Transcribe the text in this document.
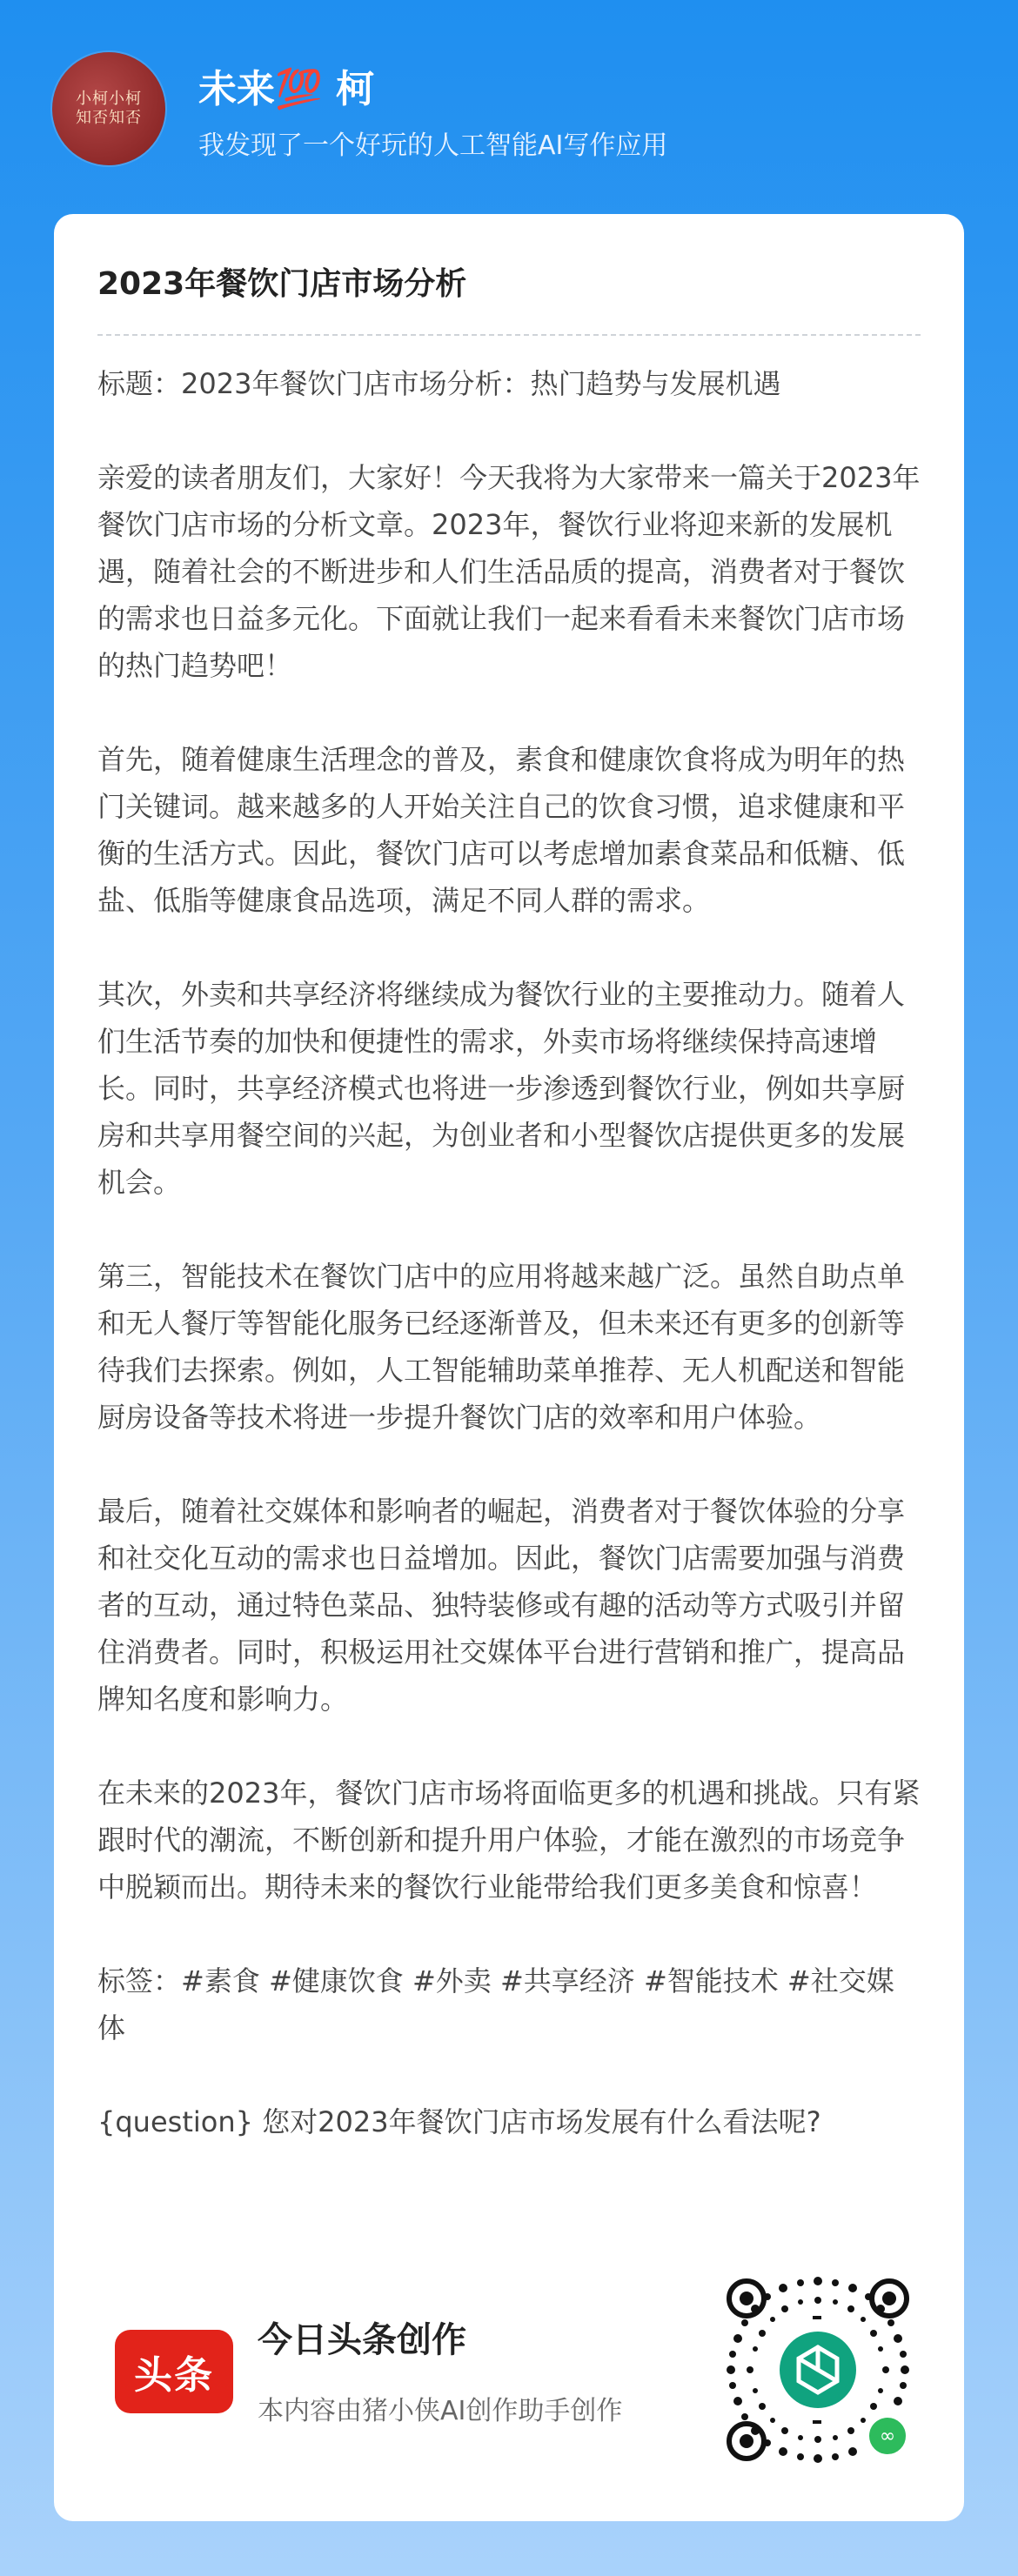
小柯小柯
知否知否
未来💯 柯
我发现了一个好玩的人工智能AI写作应用
2023年餐饮门店市场分析

标题：2023年餐饮门店市场分析：热门趋势与发展机遇

亲爱的读者朋友们，大家好！今天我将为大家带来一篇关于2023年餐饮门店市场的分析文章。2023年，餐饮行业将迎来新的发展机遇，随着社会的不断进步和人们生活品质的提高，消费者对于餐饮的需求也日益多元化。下面就让我们一起来看看未来餐饮门店市场的热门趋势吧！

首先，随着健康生活理念的普及，素食和健康饮食将成为明年的热门关键词。越来越多的人开始关注自己的饮食习惯，追求健康和平衡的生活方式。因此，餐饮门店可以考虑增加素食菜品和低糖、低盐、低脂等健康食品选项，满足不同人群的需求。

其次，外卖和共享经济将继续成为餐饮行业的主要推动力。随着人们生活节奏的加快和便捷性的需求，外卖市场将继续保持高速增长。同时，共享经济模式也将进一步渗透到餐饮行业，例如共享厨房和共享用餐空间的兴起，为创业者和小型餐饮店提供更多的发展机会。

第三，智能技术在餐饮门店中的应用将越来越广泛。虽然自助点单和无人餐厅等智能化服务已经逐渐普及，但未来还有更多的创新等待我们去探索。例如，人工智能辅助菜单推荐、无人机配送和智能厨房设备等技术将进一步提升餐饮门店的效率和用户体验。

最后，随着社交媒体和影响者的崛起，消费者对于餐饮体验的分享和社交化互动的需求也日益增加。因此，餐饮门店需要加强与消费者的互动，通过特色菜品、独特装修或有趣的活动等方式吸引并留住消费者。同时，积极运用社交媒体平台进行营销和推广，提高品牌知名度和影响力。

在未来的2023年，餐饮门店市场将面临更多的机遇和挑战。只有紧跟时代的潮流，不断创新和提升用户体验，才能在激烈的市场竞争中脱颖而出。期待未来的餐饮行业能带给我们更多美食和惊喜！

标签：#素食 #健康饮食 #外卖 #共享经济 #智能技术 #社交媒体

{question} 您对2023年餐饮门店市场发展有什么看法呢?

头条
今日头条创作
本内容由猪小侠AI创作助手创作
∞
